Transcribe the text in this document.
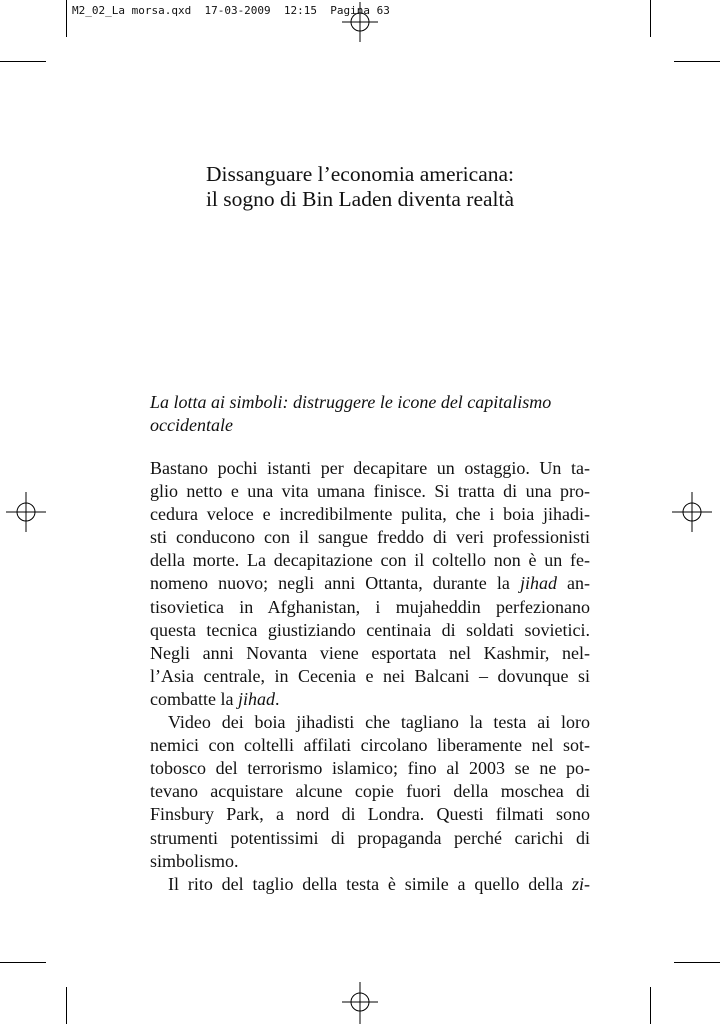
M2_02_La morsa.qxd  17-03-2009  12:15  Pagina 63
Dissanguare l’economia americana:
il sogno di Bin Laden diventa realtà
La lotta ai simboli: distruggere le icone del capitalismo
occidentale
Bastano pochi istanti per decapitare un ostaggio. Un ta-
glio netto e una vita umana finisce. Si tratta di una pro-
cedura veloce e incredibilmente pulita, che i boia jihadi-
sti conducono con il sangue freddo di veri professionisti
della morte. La decapitazione con il coltello non è un fe-
nomeno nuovo; negli anni Ottanta, durante la jihad an-
tisovietica in Afghanistan, i mujaheddin perfezionano
questa tecnica giustiziando centinaia di soldati sovietici.
Negli anni Novanta viene esportata nel Kashmir, nel-
l’Asia centrale, in Cecenia e nei Balcani – dovunque si
combatte la jihad.
Video dei boia jihadisti che tagliano la testa ai loro
nemici con coltelli affilati circolano liberamente nel sot-
tobosco del terrorismo islamico; fino al 2003 se ne po-
tevano acquistare alcune copie fuori della moschea di
Finsbury Park, a nord di Londra. Questi filmati sono
strumenti potentissimi di propaganda perché carichi di
simbolismo.
Il rito del taglio della testa è simile a quello della zi-
